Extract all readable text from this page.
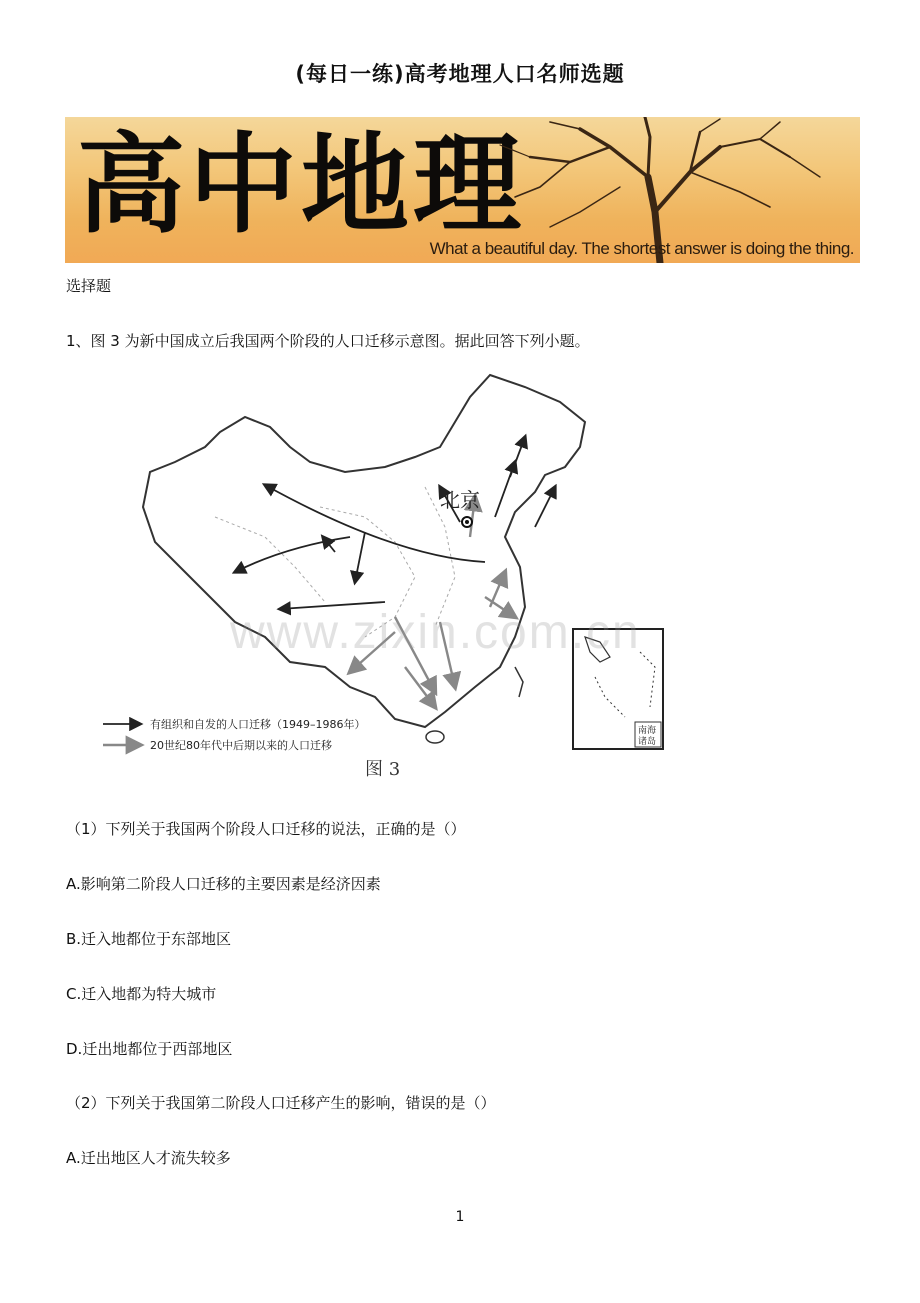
(每日一练)高考地理人口名师选题
高中地理
What a beautiful day. The shortest answer is doing the thing.
选择题
1、图 3 为新中国成立后我国两个阶段的人口迁移示意图。据此回答下列小题。
北京
南海
诸岛
有组织和自发的人口迁移（1949–1986年）
20世纪80年代中后期以来的人口迁移
图 3
www.zixin.com.cn
（1）下列关于我国两个阶段人口迁移的说法，正确的是（）
A.影响第二阶段人口迁移的主要因素是经济因素
B.迁入地都位于东部地区
C.迁入地都为特大城市
D.迁出地都位于西部地区
（2）下列关于我国第二阶段人口迁移产生的影响，错误的是（）
A.迁出地区人才流失较多
1
